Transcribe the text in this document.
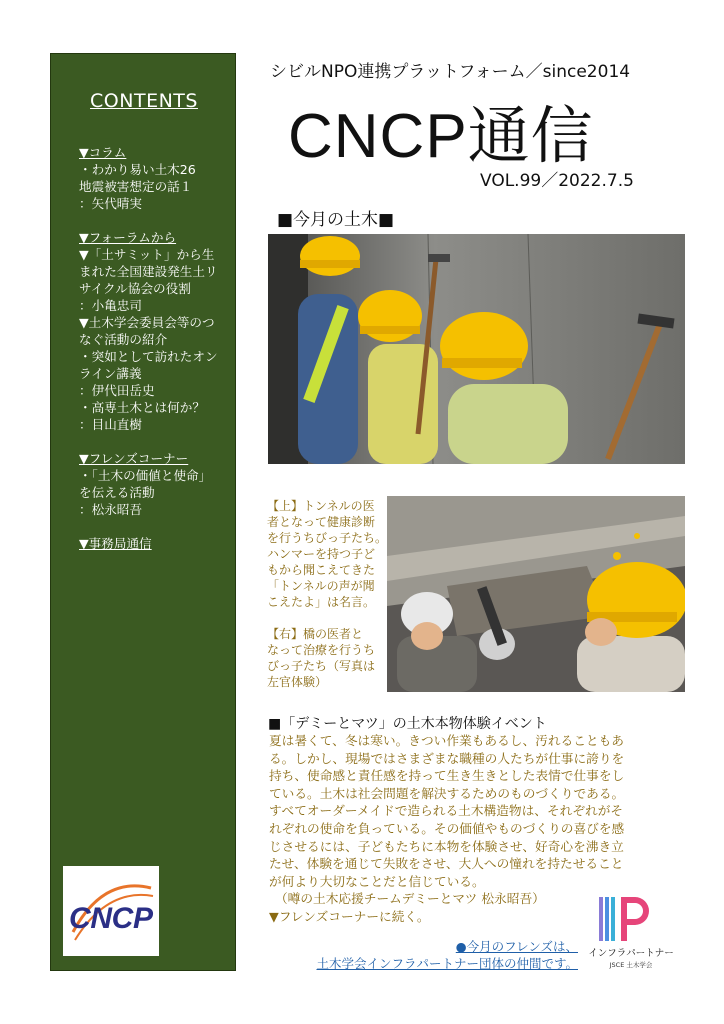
CONTENTS
▼コラム
・わかり易い土木26
地震被害想定の話１
：矢代晴実
▼フォーラムから
▼「土サミット」から生
まれた全国建設発生土リ
サイクル協会の役割
：小亀忠司
▼土木学会委員会等のつ
なぐ活動の紹介
・突如として訪れたオン
ライン講義
：伊代田岳史
・高専土木とは何か？
：目山直樹
▼フレンズコーナー
・「土木の価値と使命」
を伝える活動
：松永昭吾
▼事務局通信
CNCP
シビルNPO連携プラットフォーム／since2014
CNCP通信
VOL.99／2022.7.5
■今月の土木■

【上】トンネルの医
者となって健康診断
を行うちびっ子たち。
ハンマーを持つ子ど
もから聞こえてきた
「トンネルの声が聞
こえたよ」は名言。

【右】橋の医者と
なって治療を行うち
びっ子たち（写真は
左官体験）

■「デミーとマツ」の土木本物体験イベント
夏は暑くて、冬は寒い。きつい作業もあるし、汚れることもあ
る。しかし、現場ではさまざまな職種の人たちが仕事に誇りを
持ち、使命感と責任感を持って生き生きとした表情で仕事をし
ている。土木は社会問題を解決するためのものづくりである。
すべてオーダーメイドで造られる土木構造物は、それぞれがそ
れぞれの使命を負っている。その価値やものづくりの喜びを感
じさせるには、子どもたちに本物を体験させ、好奇心を沸き立
たせ、体験を通じて失敗をさせ、大人への憧れを持たせること
が何より大切なことだと信じている。
（噂の土木応援チームデミーとマツ 松永昭吾）
▼フレンズコーナーに続く。
●今月のフレンズは、
土木学会インフラパートナー団体の仲間です。
インフラパートナー
JSCE 土木学会
